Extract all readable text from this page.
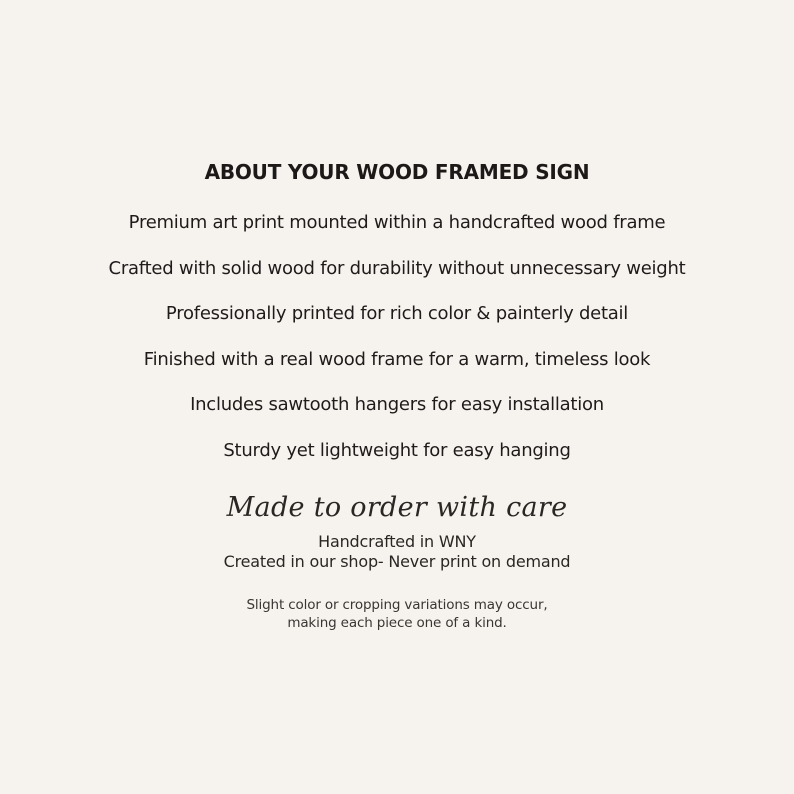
ABOUT YOUR WOOD FRAMED SIGN
Premium art print mounted within a handcrafted wood frame
Crafted with solid wood for durability without unnecessary weight
Professionally printed for rich color & painterly detail
Finished with a real wood frame for a warm, timeless look
Includes sawtooth hangers for easy installation
Sturdy yet lightweight for easy hanging
Made to order with care
Handcrafted in WNY
Created in our shop- Never print on demand
Slight color or cropping variations may occur,
making each piece one of a kind.
